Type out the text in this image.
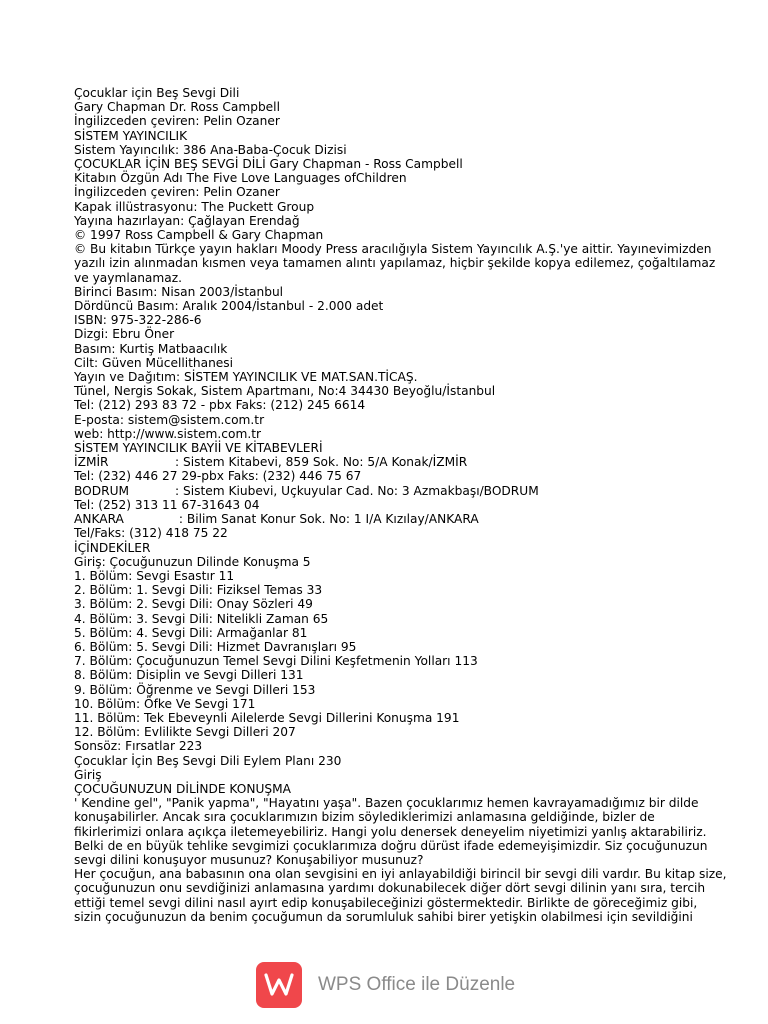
Çocuklar için Beş Sevgi Dili
Gary Chapman Dr. Ross Campbell
İngilizceden çeviren: Pelin Ozaner
SİSTEM YAYINCILIK
Sistem Yayıncılık: 386 Ana-Baba-Çocuk Dizisi
ÇOCUKLAR İÇİN BEŞ SEVGİ DİLİ Gary Chapman - Ross Campbell
Kitabın Özgün Adı The Five Love Languages ofChildren
İngilizceden çeviren: Pelin Ozaner
Kapak illüstrasyonu: The Puckett Group
Yayına hazırlayan: Çağlayan Erendağ
© 1997 Ross Campbell & Gary Chapman
© Bu kitabın Türkçe yayın hakları Moody Press aracılığıyla Sistem Yayıncılık A.Ş.'ye aittir. Yayınevimizden
yazılı izin alınmadan kısmen veya tamamen alıntı yapılamaz, hiçbir şekilde kopya edilemez, çoğaltılamaz
ve yaymlanamaz.
Birinci Basım: Nisan 2003/İstanbul
Dördüncü Basım: Aralık 2004/İstanbul - 2.000 adet
ISBN: 975-322-286-6
Dizgi: Ebru Öner
Basım: Kurtiş Matbaacılık
Cilt: Güven Mücellithanesi
Yayın ve Dağıtım: SİSTEM YAYINCILIK VE MAT.SAN.TİCAŞ.
Tünel, Nergis Sokak, Sistem Apartmanı, No:4 34430 Beyoğlu/İstanbul
Tel: (212) 293 83 72 - pbx Faks: (212) 245 6614
E-posta: sistem@sistem.com.tr
web: http://www.sistem.com.tr
SİSTEM YAYINCILIK BAYİİ VE KİTABEVLERİ
İZMİR	: Sistem Kitabevi, 859 Sok. No: 5/A Konak/İZMİR
Tel: (232) 446 27 29-pbx Faks: (232) 446 75 67
BODRUM	: Sistem Kiubevi, Uçkuyular Cad. No: 3 Azmakbaşı/BODRUM
Tel: (252) 313 11 67-31643 04
ANKARA	: Bilim Sanat Konur Sok. No: 1 I/A Kızılay/ANKARA
Tel/Faks: (312) 418 75 22
İÇİNDEKİLER
Giriş: Çocuğunuzun Dilinde Konuşma 5
1. Bölüm: Sevgi Esastır 11
2. Bölüm: 1. Sevgi Dili: Fiziksel Temas 33
3. Bölüm: 2. Sevgi Dili: Onay Sözleri 49
4. Bölüm: 3. Sevgi Dili: Nitelikli Zaman 65
5. Bölüm: 4. Sevgi Dili: Armağanlar 81
6. Bölüm: 5. Sevgi Dili: Hizmet Davranışları 95
7. Bölüm: Çocuğunuzun Temel Sevgi Dilini Keşfetmenin Yolları 113
8. Bölüm: Disiplin ve Sevgi Dilleri 131
9. Bölüm: Öğrenme ve Sevgi Dilleri 153
10. Bölüm: Öfke Ve Sevgi 171
11. Bölüm: Tek Ebeveynli Ailelerde Sevgi Dillerini Konuşma 191
12. Bölüm: Evlilikte Sevgi Dilleri 207
Sonsöz: Fırsatlar 223
Çocuklar İçin Beş Sevgi Dili Eylem Planı 230
Giriş
ÇOCUĞUNUZUN DİLİNDE KONUŞMA
' Kendine gel", "Panik yapma", "Hayatını yaşa". Bazen çocuklarımız hemen kavrayamadığımız bir dilde
konuşabilirler. Ancak sıra çocuklarımızın bizim söylediklerimizi anlamasına geldiğinde, bizler de
fikirlerimizi onlara açıkça iletemeyebiliriz. Hangi yolu denersek deneyelim niyetimizi yanlış aktarabiliriz.
Belki de en büyük tehlike sevgimizi çocuklarımıza doğru dürüst ifade edemeyişimizdir. Siz çocuğunuzun
sevgi dilini konuşuyor musunuz? Konuşabiliyor musunuz?
Her çocuğun, ana babasının ona olan sevgisini en iyi anlayabildiği birincil bir sevgi dili vardır. Bu kitap size,
çocuğunuzun onu sevdiğinizi anlamasına yardımı dokunabilecek diğer dört sevgi dilinin yanı sıra, tercih
ettiği temel sevgi dilini nasıl ayırt edip konuşabileceğinizi göstermektedir. Birlikte de göreceğimiz gibi,
sizin çocuğunuzun da benim çocuğumun da sorumluluk sahibi birer yetişkin olabilmesi için sevildiğini
WPS Office ile Düzenle
